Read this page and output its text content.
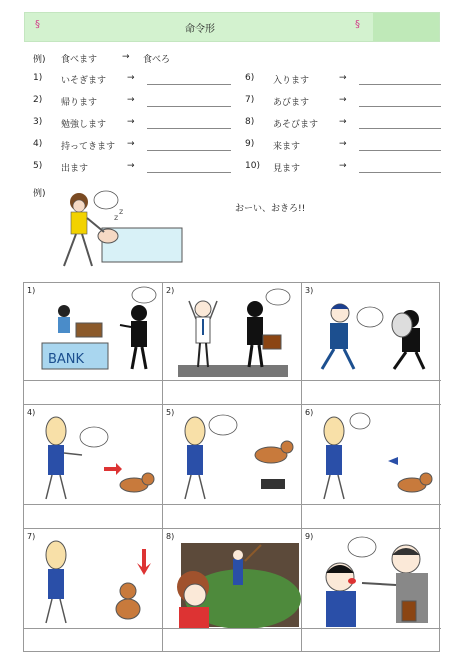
§	命令形	§
例) 食べます	→ 食べろ
1)	いそぎます	→
2)	帰ります	→
3)	勉強します	→
4)	持ってきます	→
5)	出ます	→
6)	入ります	→
7)	あびます	→
8)	あそびます	→
9)	来ます	→
10)	見ます	→
例)
z
z	おーい、おきろ!!
1)
BANK
2)	3)
4)	5)	6)
7)	8)	9)
